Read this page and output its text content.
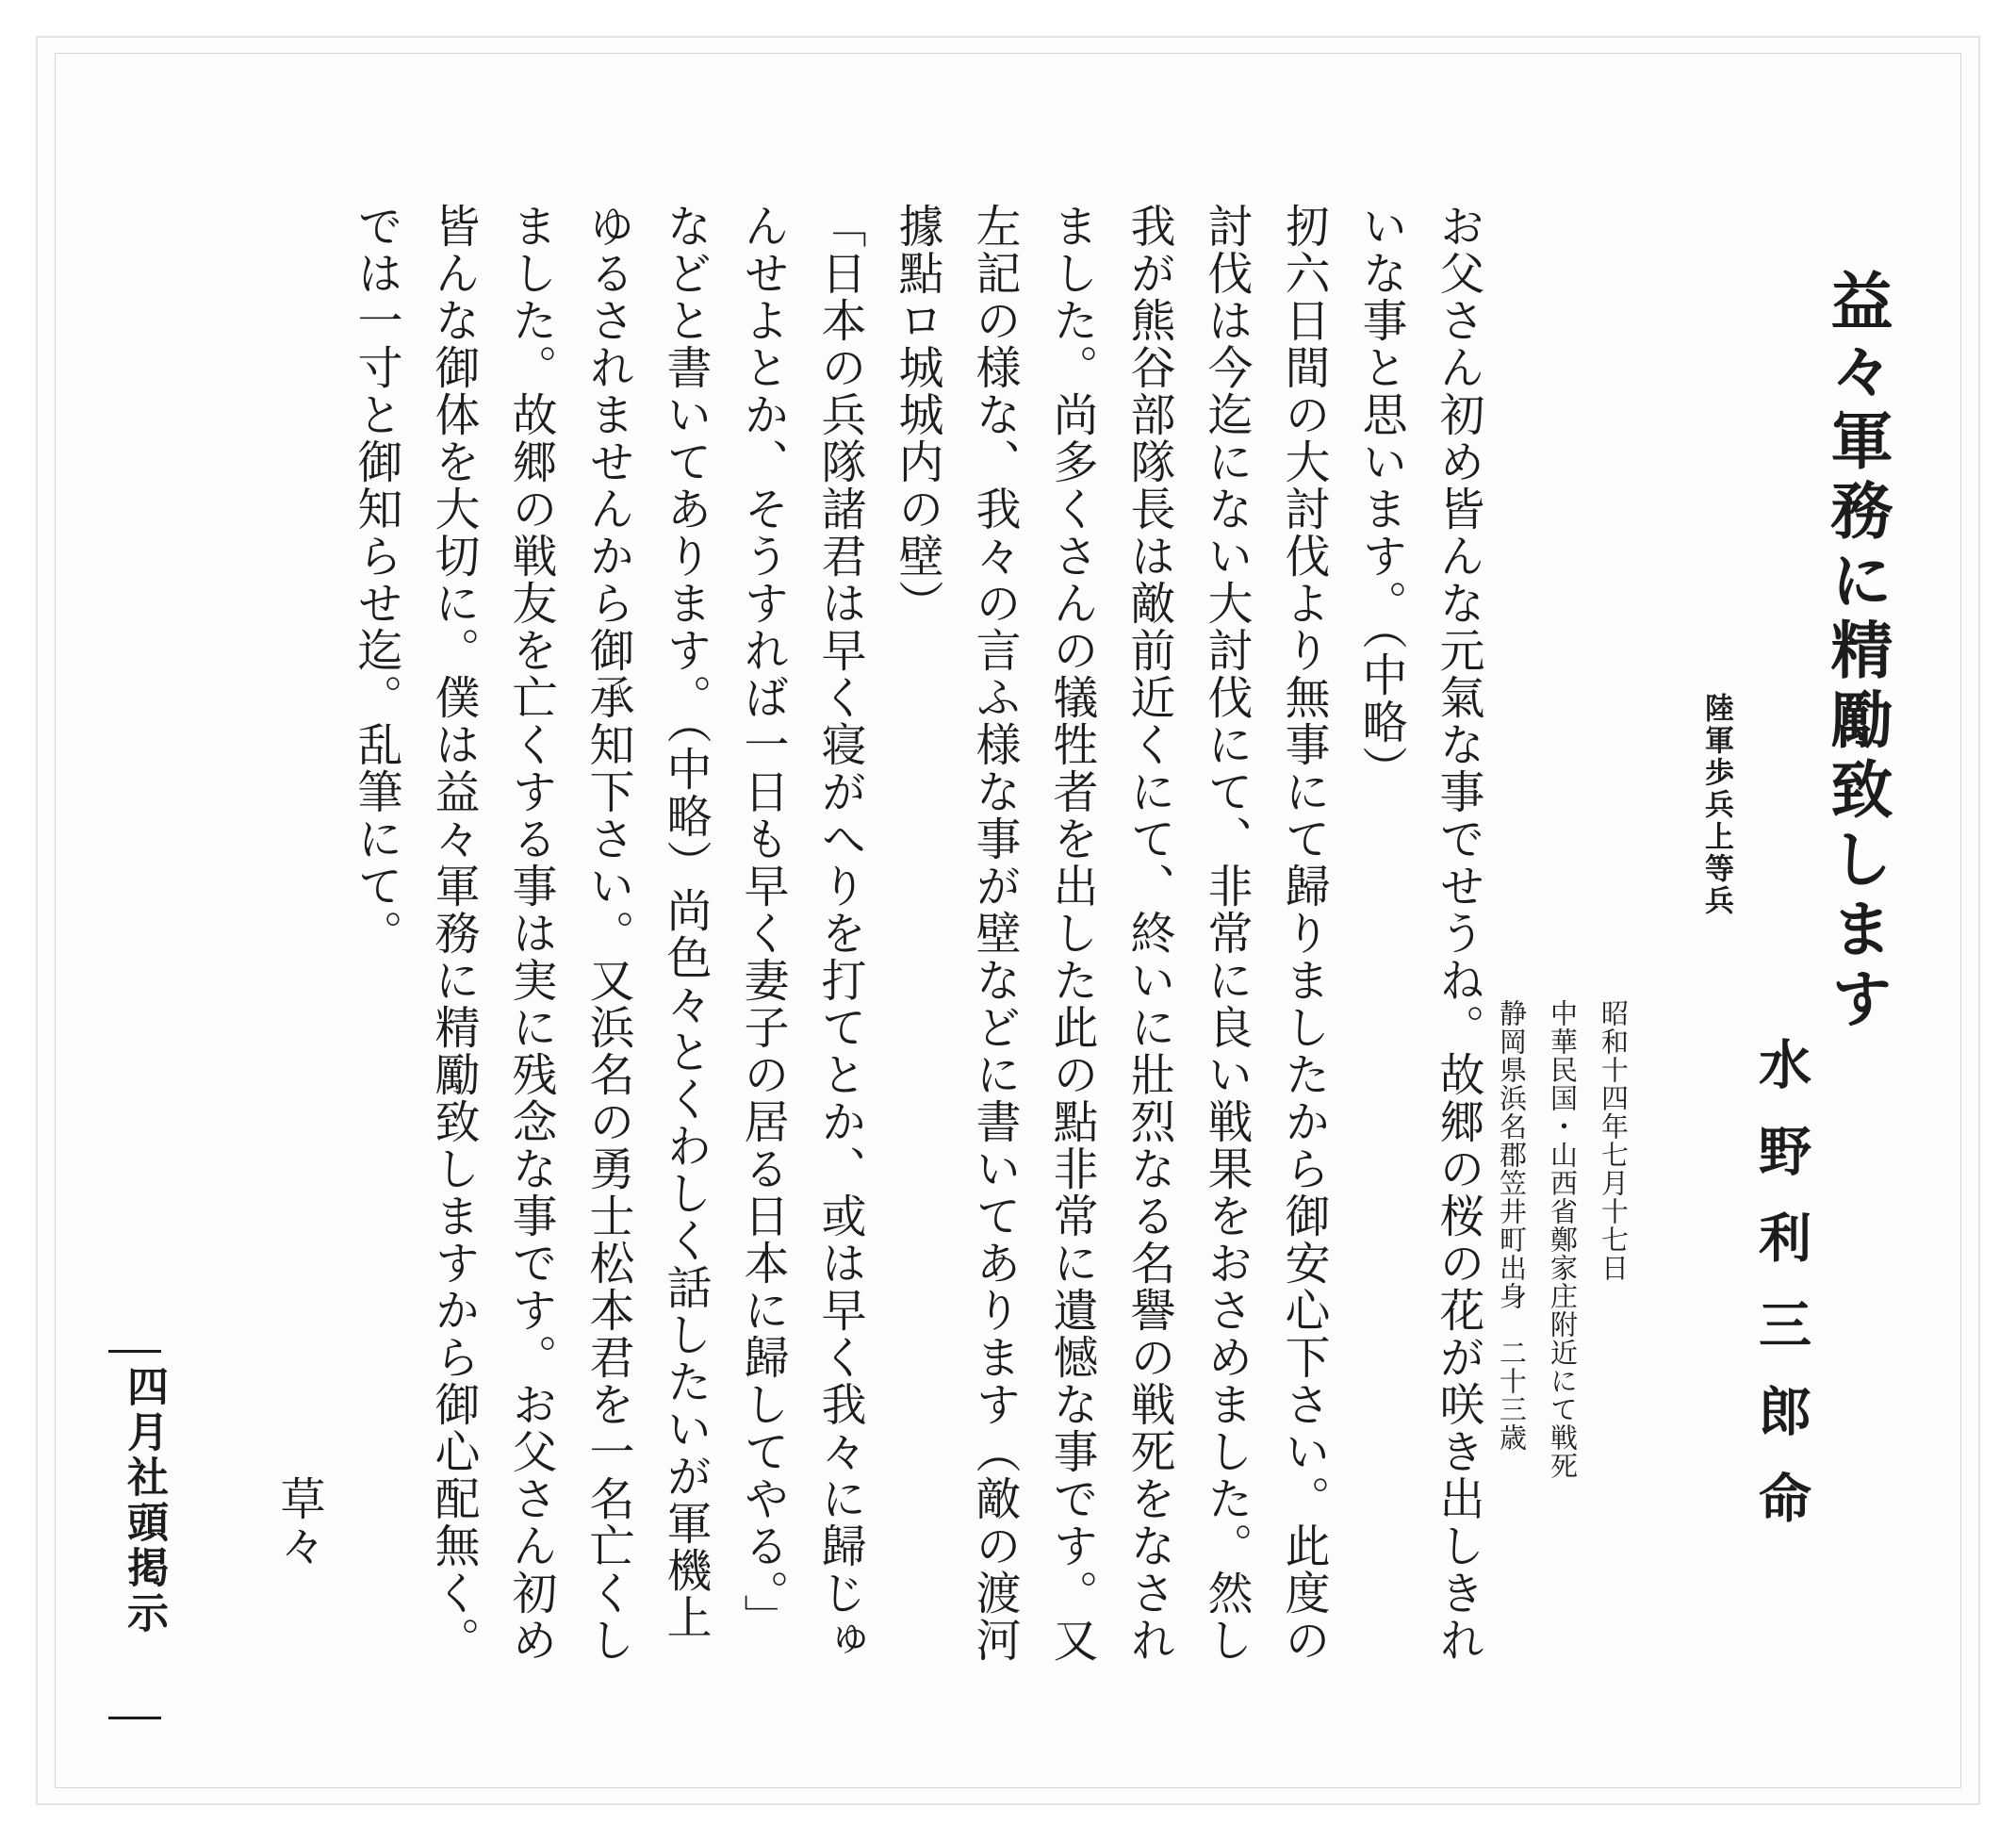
益々軍務に精勵致します
陸軍歩兵上等兵
水野利三郎命
昭和十四年七月十七日
中華民国・山西省鄭家庄附近にて戦死
静岡県浜名郡笠井町出身　二十三歳
お父さん初め皆んな元氣な事でせうね。故郷の桜の花が咲き出しきれいな事と思います。（中略）
扨六日間の大討伐より無事にて歸りましたから御安心下さい。此度の討伐は今迄にない大討伐にて、非常に良い戦果をおさめました。然し我が熊谷部隊長は敵前近くにて、終いに壯烈なる名譽の戦死をなされました。尚多くさんの犠牲者を出した此の點非常に遺憾な事です。又左記の様な、我々の言ふ様な事が壁などに書いてあります（敵の渡河據點ロ城城内の壁）
「日本の兵隊諸君は早く寝がへりを打てとか、或は早く我々に歸じゅんせよとか、そうすれば一日も早く妻子の居る日本に歸してやる。」などと書いてあります。（中略）尚色々とくわしく話したいが軍機上ゆるされませんから御承知下さい。又浜名の勇士松本君を一名亡くしました。故郷の戦友を亡くする事は実に残念な事です。お父さん初め皆んな御体を大切に。僕は益々軍務に精勵致しますから御心配無く。では一寸と御知らせ迄。乱筆にて。
草々
四月社頭掲示
